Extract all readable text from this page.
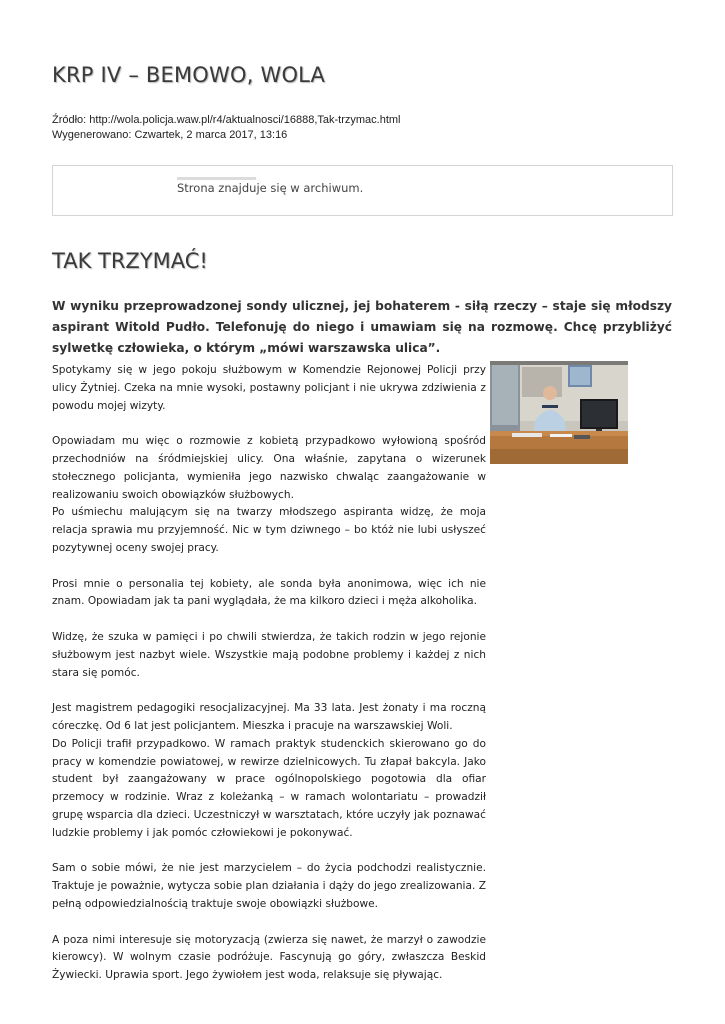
KRP IV – BEMOWO, WOLA
Źródło: http://wola.policja.waw.pl/r4/aktualnosci/16888,Tak-trzymac.html
Wygenerowano: Czwartek, 2 marca 2017, 13:16
Strona znajduje się w archiwum.
TAK TRZYMAĆ!

W wyniku przeprowadzonej sondy ulicznej, jej bohaterem - siłą rzeczy – staje się młodszy aspirant Witold Pudło. Telefonuję do niego i umawiam się na rozmowę. Chcę przybliżyć sylwetkę człowieka, o którym „mówi warszawska ulica”.

Spotykamy się w jego pokoju służbowym w Komendzie Rejonowej Policji przy ulicy Żytniej. Czeka na mnie wysoki, postawny policjant i nie ukrywa zdziwienia z powodu mojej wizyty.

Opowiadam mu więc o rozmowie z kobietą przypadkowo wyłowioną spośród przechodniów na śródmiejskiej ulicy. Ona właśnie, zapytana o wizerunek stołecznego policjanta, wymieniła jego nazwisko chwaląc zaangażowanie w realizowaniu swoich obowiązków służbowych.

Po uśmiechu malującym się na twarzy młodszego aspiranta widzę, że moja relacja sprawia mu przyjemność. Nic w tym dziwnego – bo któż nie lubi usłyszeć pozytywnej oceny swojej pracy.

Prosi mnie o personalia tej kobiety, ale sonda była anonimowa, więc ich nie znam. Opowiadam jak ta pani wyglądała, że ma kilkoro dzieci i męża alkoholika.

Widzę, że szuka w pamięci i po chwili stwierdza, że takich rodzin w jego rejonie służbowym jest nazbyt wiele. Wszystkie mają podobne problemy i każdej z nich stara się pomóc.

Jest magistrem pedagogiki resocjalizacyjnej. Ma 33 lata. Jest żonaty i ma roczną córeczkę. Od 6 lat jest policjantem. Mieszka i pracuje na warszawskiej Woli.

Do Policji trafił przypadkowo. W ramach praktyk studenckich skierowano go do pracy w komendzie powiatowej, w rewirze dzielnicowych. Tu złapał bakcyla. Jako student był zaangażowany w prace ogólnopolskiego pogotowia dla ofiar przemocy w rodzinie. Wraz z koleżanką – w ramach wolontariatu – prowadził grupę wsparcia dla dzieci. Uczestniczył w warsztatach, które uczyły jak poznawać ludzkie problemy i jak pomóc człowiekowi je pokonywać.

Sam o sobie mówi, że nie jest marzycielem – do życia podchodzi realistycznie. Traktuje je poważnie, wytycza sobie plan działania i dąży do jego zrealizowania. Z pełną odpowiedzialnością traktuje swoje obowiązki służbowe.

A poza nimi interesuje się motoryzacją (zwierza się nawet, że marzył o zawodzie kierowcy). W wolnym czasie podróżuje. Fascynują go góry, zwłaszcza Beskid Żywiecki. Uprawia sport. Jego żywiołem jest woda, relaksuje się pływając.
